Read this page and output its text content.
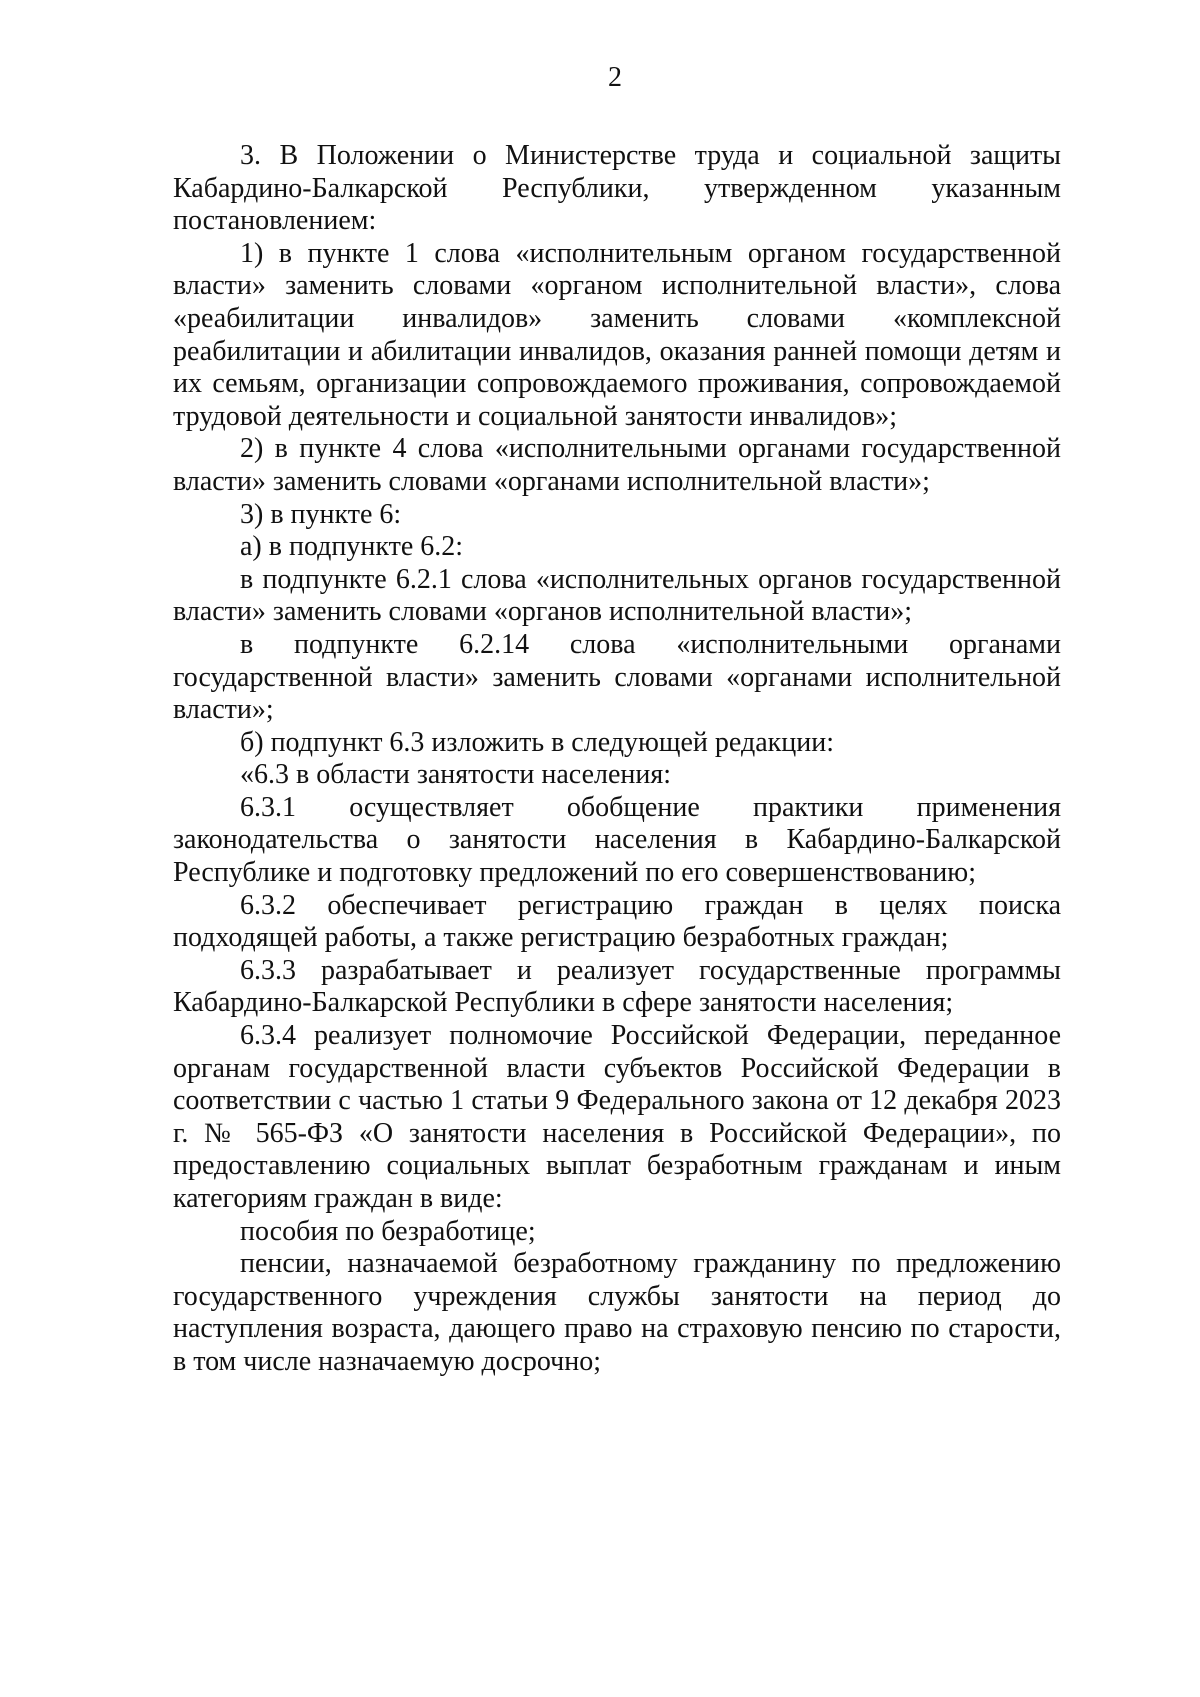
2

3. В Положении о Министерстве труда и социальной защиты Кабардино-Балкарской Республики, утвержденном указанным постановлением:

1) в пункте 1 слова «исполнительным органом государственной власти» заменить словами «органом исполнительной власти», слова «реабилитации инвалидов» заменить словами «комплексной реабилитации и абилитации инвалидов, оказания ранней помощи детям и их семьям, организации сопровождаемого проживания, сопровождаемой трудовой деятельности и социальной занятости инвалидов»;

2) в пункте 4 слова «исполнительными органами государственной власти» заменить словами «органами исполнительной власти»;

3) в пункте 6:

а) в подпункте 6.2:

в подпункте 6.2.1 слова «исполнительных органов государственной власти» заменить словами «органов исполнительной власти»;

в подпункте 6.2.14 слова «исполнительными органами государственной власти» заменить словами «органами исполнительной власти»;

б) подпункт 6.3 изложить в следующей редакции:

«6.3 в области занятости населения:

6.3.1 осуществляет обобщение практики применения законодательства о занятости населения в Кабардино-Балкарской Республике и подготовку предложений по его совершенствованию;

6.3.2 обеспечивает регистрацию граждан в целях поиска подходящей работы, а также регистрацию безработных граждан;

6.3.3 разрабатывает и реализует государственные программы Кабардино-Балкарской Республики в сфере занятости населения;

6.3.4 реализует полномочие Российской Федерации, переданное органам государственной власти субъектов Российской Федерации в соответствии с частью 1 статьи 9 Федерального закона от 12 декабря 2023 г. № 565-ФЗ «О занятости населения в Российской Федерации», по предоставлению социальных выплат безработным гражданам и иным категориям граждан в виде:

пособия по безработице;

пенсии, назначаемой безработному гражданину по предложению государственного учреждения службы занятости на период до наступления возраста, дающего право на страховую пенсию по старости, в том числе назначаемую досрочно;
